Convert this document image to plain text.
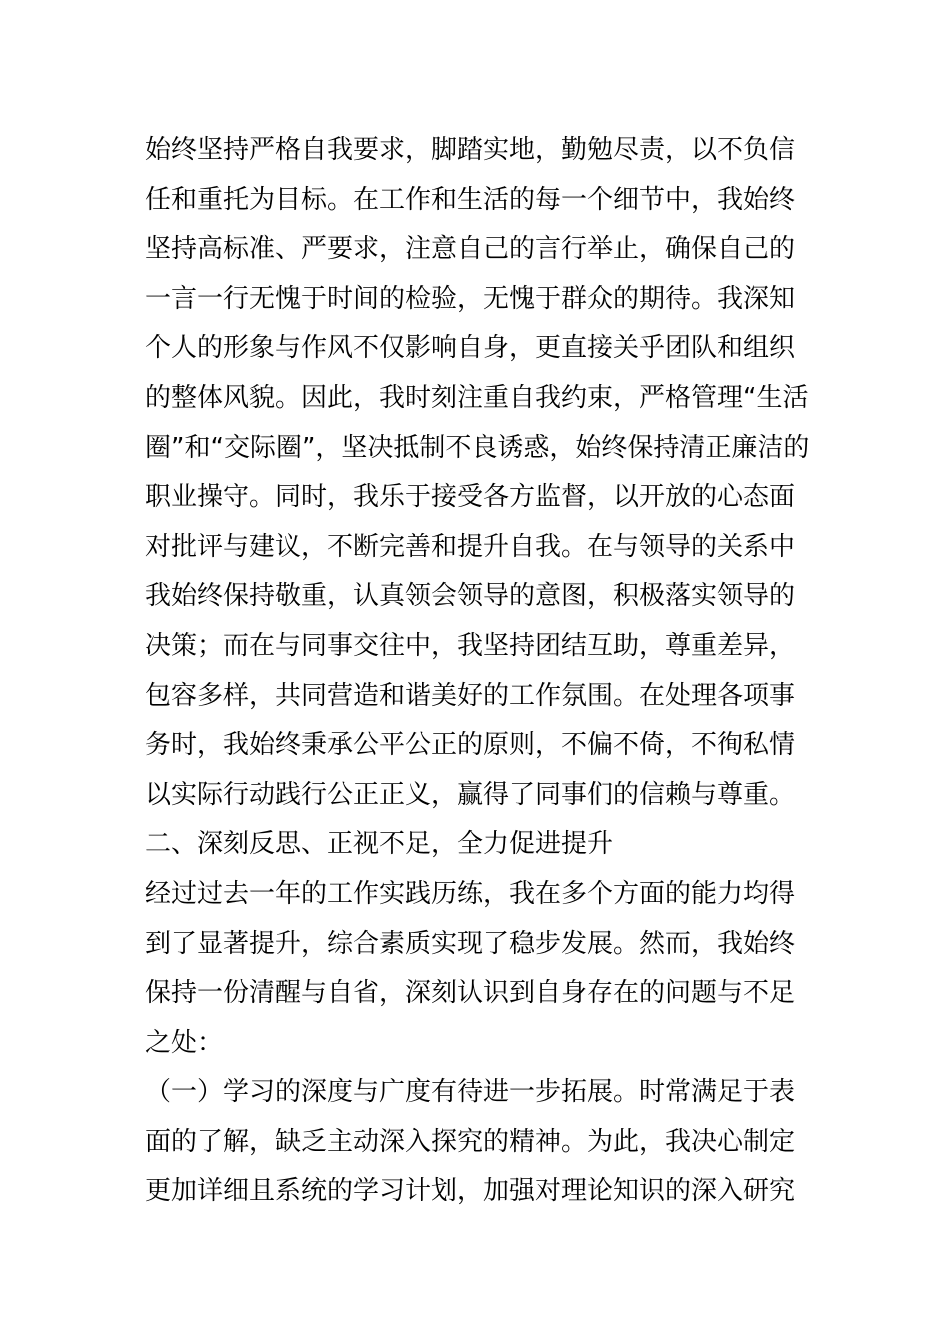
始终坚持严格自我要求，脚踏实地，勤勉尽责，以不负信
任和重托为目标。在工作和生活的每一个细节中，我始终
坚持高标准、严要求，注意自己的言行举止，确保自己的
一言一行无愧于时间的检验，无愧于群众的期待。我深知
个人的形象与作风不仅影响自身，更直接关乎团队和组织
的整体风貌。因此，我时刻注重自我约束，严格管理“生活
圈”和“交际圈”，坚决抵制不良诱惑，始终保持清正廉洁的
职业操守。同时，我乐于接受各方监督，以开放的心态面
对批评与建议，不断完善和提升自我。在与领导的关系中
我始终保持敬重，认真领会领导的意图，积极落实领导的
决策；而在与同事交往中，我坚持团结互助，尊重差异，
包容多样，共同营造和谐美好的工作氛围。在处理各项事
务时，我始终秉承公平公正的原则，不偏不倚，不徇私情
以实际行动践行公正正义，赢得了同事们的信赖与尊重。
二、深刻反思、正视不足，全力促进提升
经过过去一年的工作实践历练，我在多个方面的能力均得
到了显著提升，综合素质实现了稳步发展。然而，我始终
保持一份清醒与自省，深刻认识到自身存在的问题与不足
之处：
（一）学习的深度与广度有待进一步拓展。时常满足于表
面的了解，缺乏主动深入探究的精神。为此，我决心制定
更加详细且系统的学习计划，加强对理论知识的深入研究
